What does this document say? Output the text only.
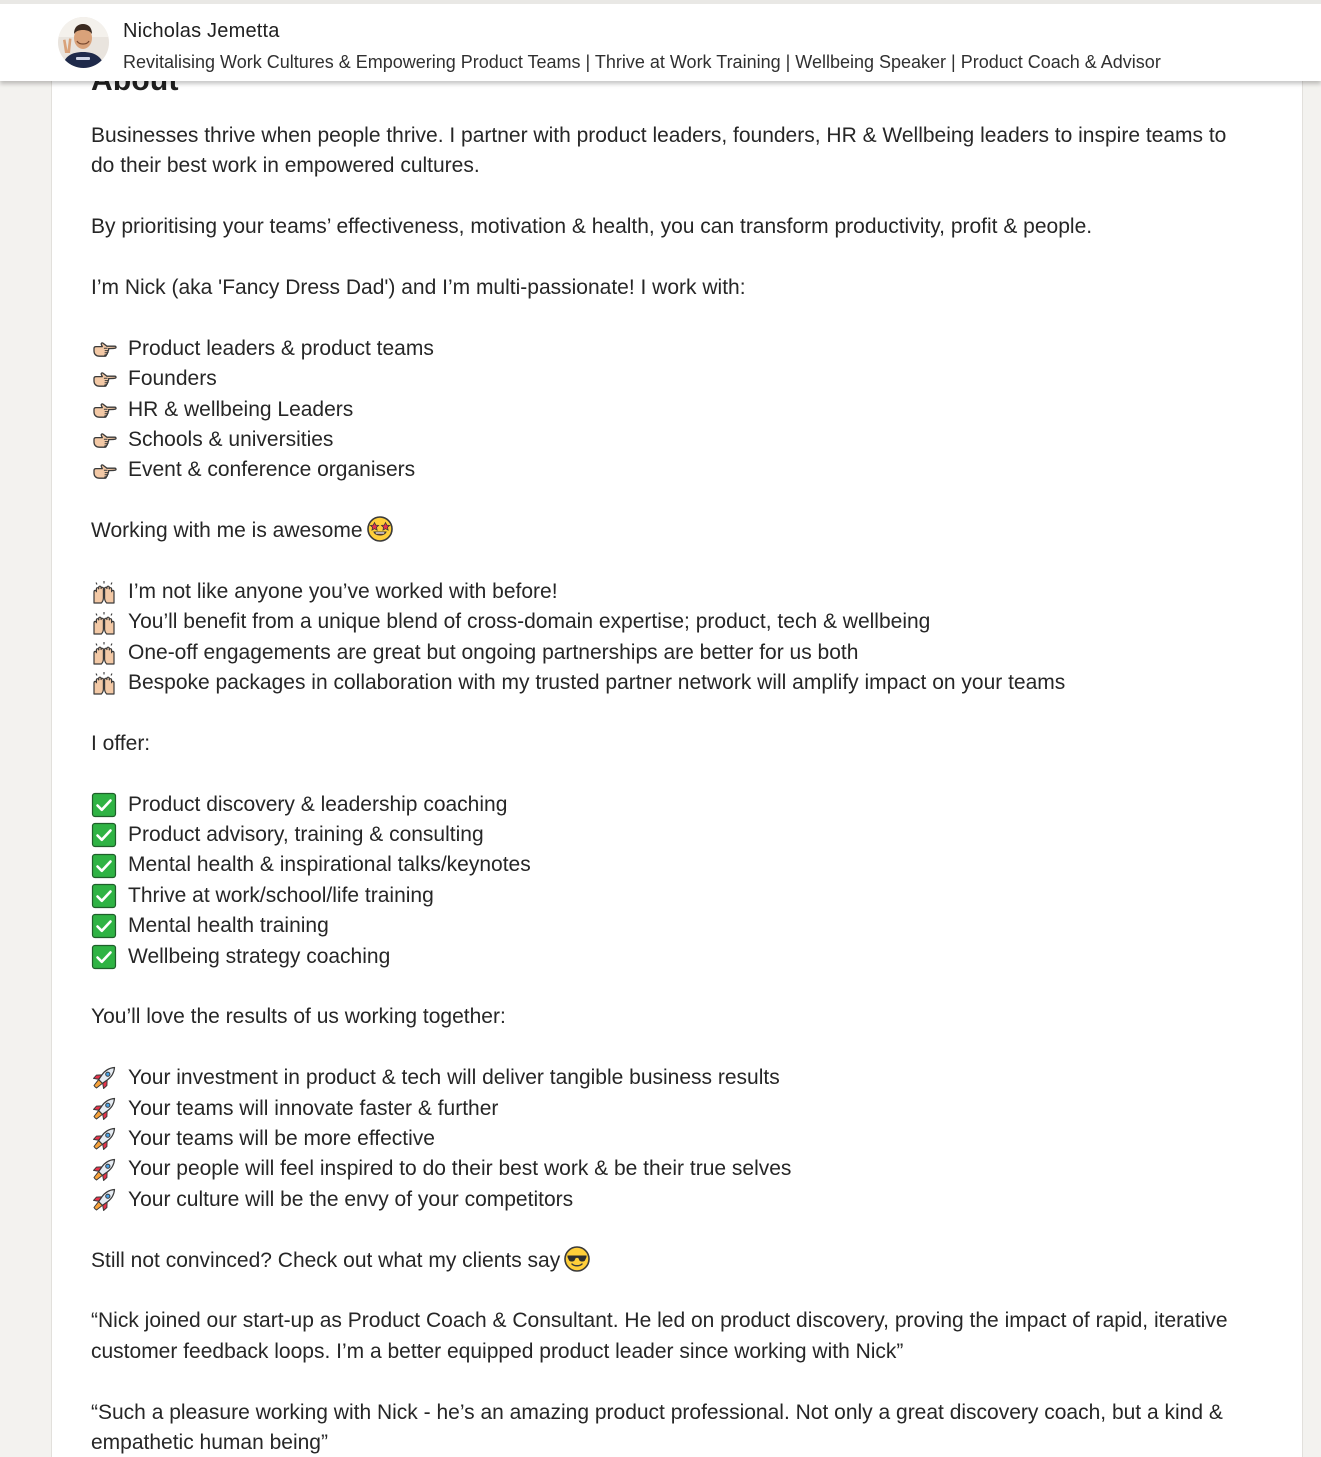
Businesses thrive when people thrive. I partner with product leaders, founders, HR & Wellbeing leaders to inspire teams to do their best work in empowered cultures.

By prioritising your teams’ effectiveness, motivation & health, you can transform productivity, profit & people.

I’m Nick (aka 'Fancy Dress Dad') and I’m multi-passionate! I work with:

Product leaders & product teams
Founders
HR & wellbeing Leaders
Schools & universities
Event & conference organisers

Working with me is awesome

I’m not like anyone you’ve worked with before!
You’ll benefit from a unique blend of cross-domain expertise; product, tech & wellbeing
One-off engagements are great but ongoing partnerships are better for us both
Bespoke packages in collaboration with my trusted partner network will amplify impact on your teams

I offer:

Product discovery & leadership coaching
Product advisory, training & consulting
Mental health & inspirational talks/keynotes
Thrive at work/school/life training
Mental health training
Wellbeing strategy coaching

You’ll love the results of us working together:

Your investment in product & tech will deliver tangible business results
Your teams will innovate faster & further
Your teams will be more effective
Your people will feel inspired to do their best work & be their true selves
Your culture will be the envy of your competitors

Still not convinced? Check out what my clients say

“Nick joined our start-up as Product Coach & Consultant. He led on product discovery, proving the impact of rapid, iterative customer feedback loops. I’m a better equipped product leader since working with Nick”

“Such a pleasure working with Nick - he’s an amazing product professional. Not only a great discovery coach, but a kind & empathetic human being”

Nicholas Jemetta
Revitalising Work Cultures & Empowering Product Teams | Thrive at Work Training | Wellbeing Speaker | Product Coach & Advisor
